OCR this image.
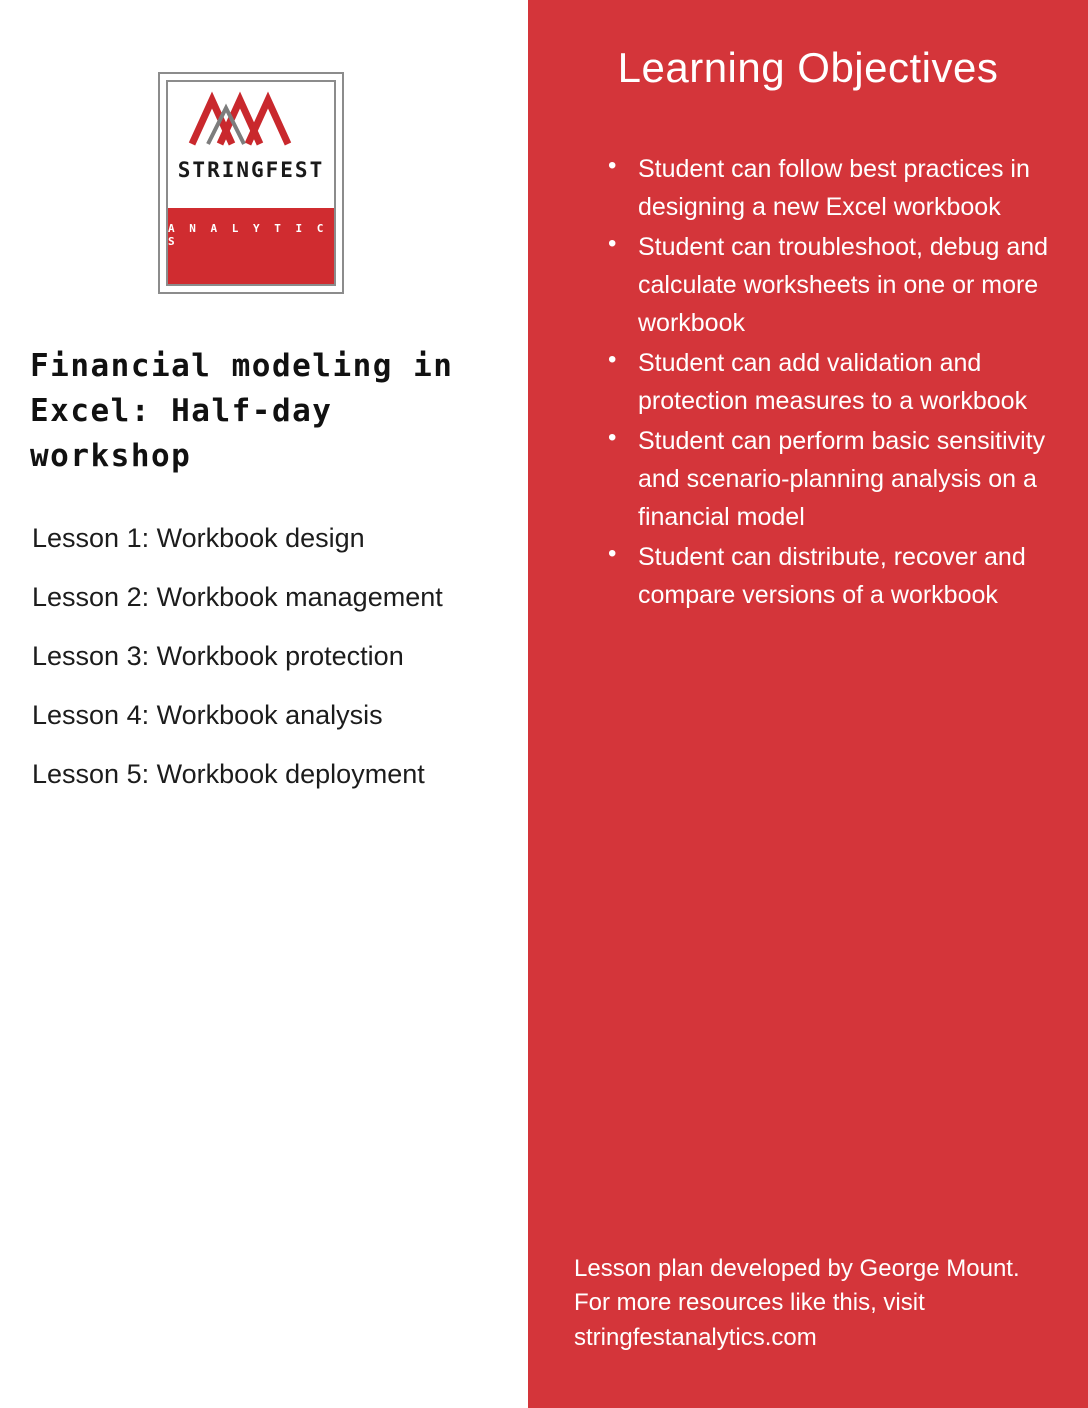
STRINGFEST
A N A L Y T I C S
Financial modeling in Excel: Half-day workshop
Lesson 1: Workbook design
Lesson 2: Workbook management
Lesson 3: Workbook protection
Lesson 4: Workbook analysis
Lesson 5: Workbook deployment
Learning Objectives
• Student can follow best practices in designing a new Excel workbook
• Student can troubleshoot, debug and calculate worksheets in one or more workbook
• Student can add validation and protection measures to a workbook
• Student can perform basic sensitivity and scenario-planning analysis on a financial model
• Student can distribute, recover and compare versions of a workbook
Lesson plan developed by George Mount. For more resources like this, visit stringfestanalytics.com
